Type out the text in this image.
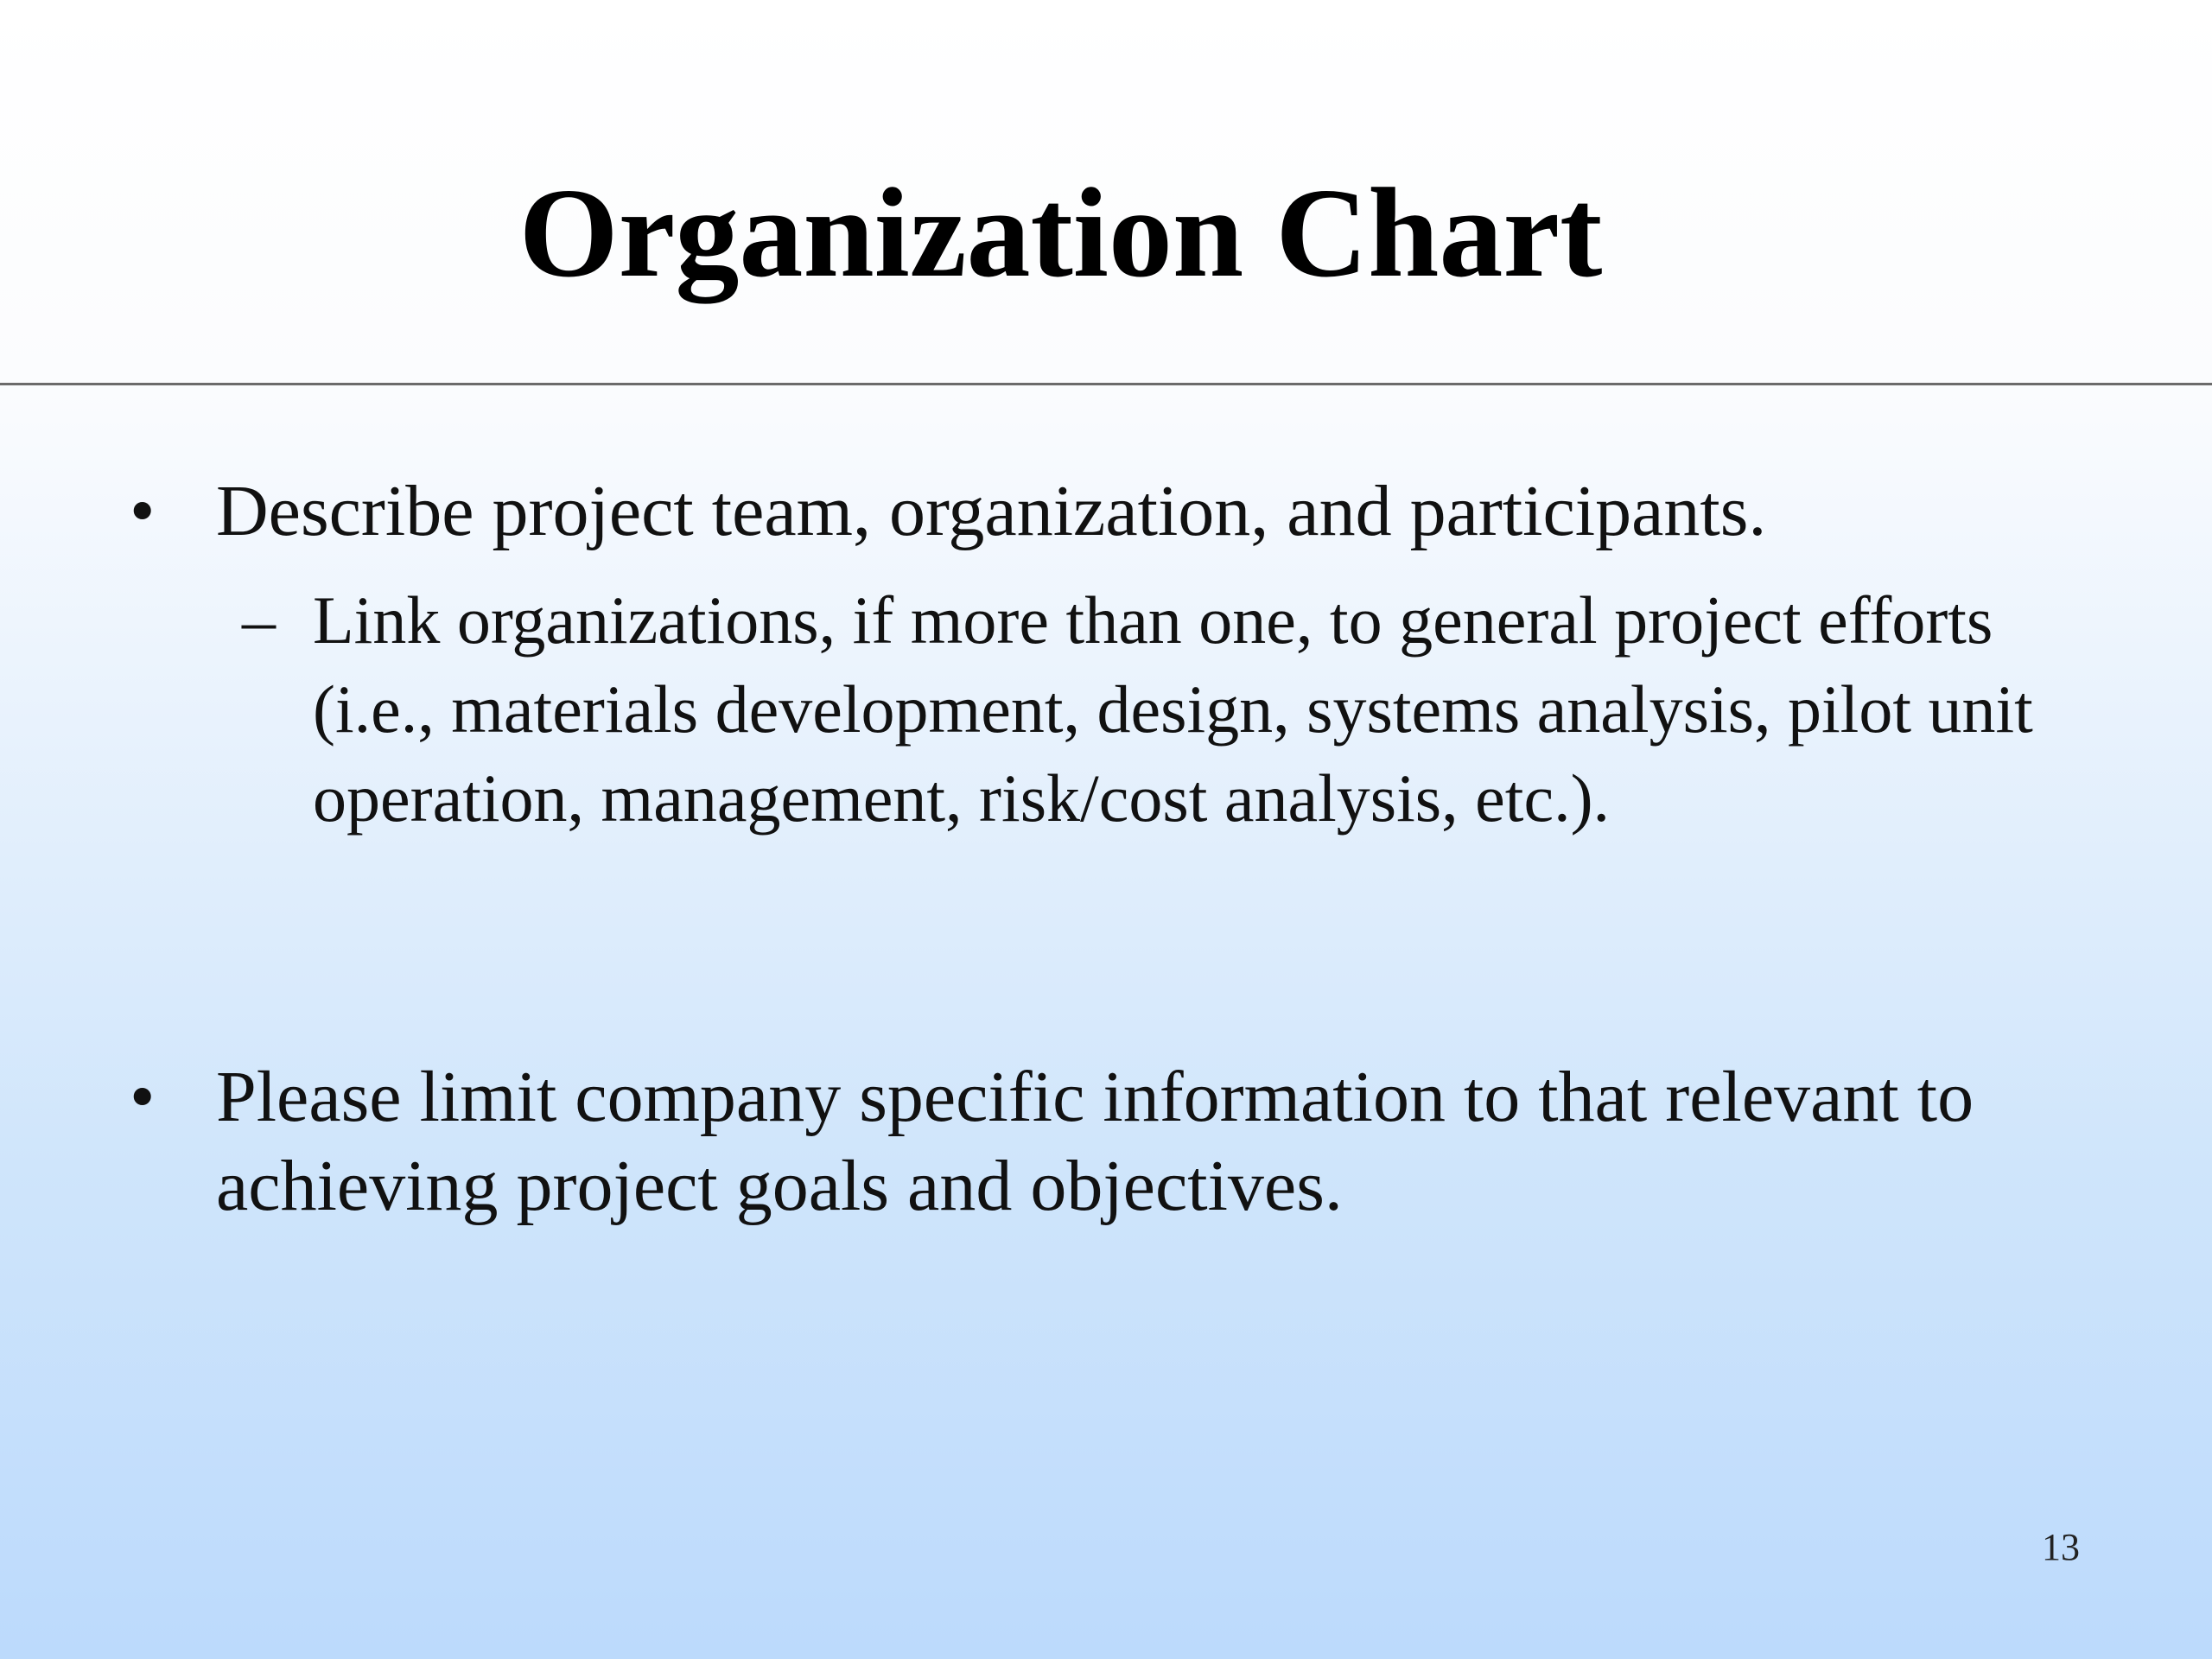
Organization Chart
• Describe project team, organization, and participants.
– Link organizations, if more than one, to general project efforts (i.e., materials development, design, systems analysis, pilot unit operation, management, risk/cost analysis, etc.).
• Please limit company specific information to that relevant to achieving project goals and objectives.
13
